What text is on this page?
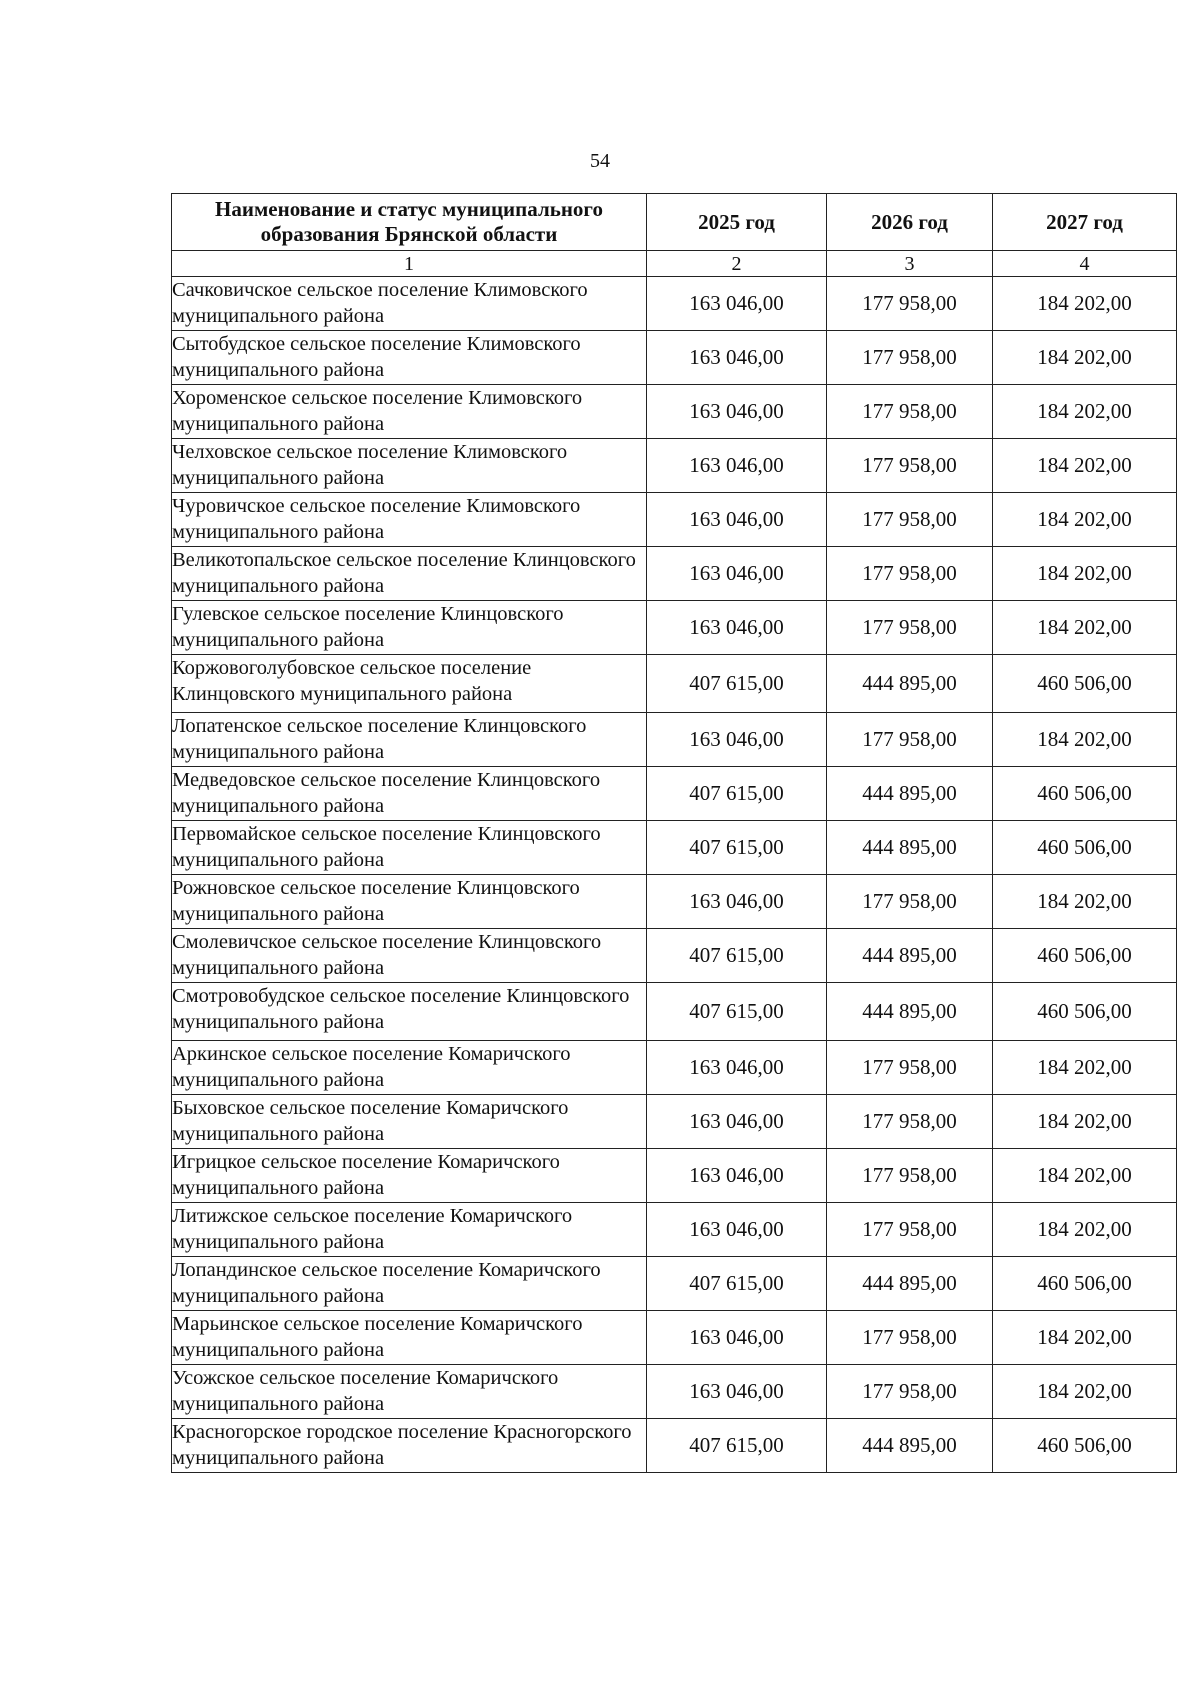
54
Наименование и статус муниципального образования Брянской области	2025 год	2026 год	2027 год
1	2	3	4
Сачковичское сельское поселение Климовского муниципального района	163 046,00	177 958,00	184 202,00
Сытобудское сельское поселение Климовского муниципального района	163 046,00	177 958,00	184 202,00
Хороменское сельское поселение Климовского муниципального района	163 046,00	177 958,00	184 202,00
Челховское сельское поселение Климовского муниципального района	163 046,00	177 958,00	184 202,00
Чуровичское сельское поселение Климовского муниципального района	163 046,00	177 958,00	184 202,00
Великотопальское сельское поселение Клинцовского муниципального района	163 046,00	177 958,00	184 202,00
Гулевское сельское поселение Клинцовского муниципального района	163 046,00	177 958,00	184 202,00
Коржовоголубовское сельское поселение Клинцовского муниципального района	407 615,00	444 895,00	460 506,00
Лопатенское сельское поселение Клинцовского муниципального района	163 046,00	177 958,00	184 202,00
Медведовское сельское поселение Клинцовского муниципального района	407 615,00	444 895,00	460 506,00
Первомайское сельское поселение Клинцовского муниципального района	407 615,00	444 895,00	460 506,00
Рожновское сельское поселение Клинцовского муниципального района	163 046,00	177 958,00	184 202,00
Смолевичское сельское поселение Клинцовского муниципального района	407 615,00	444 895,00	460 506,00
Смотровобудское сельское поселение Клинцовского муниципального района	407 615,00	444 895,00	460 506,00
Аркинское сельское поселение Комаричского муниципального района	163 046,00	177 958,00	184 202,00
Быховское сельское поселение Комаричского муниципального района	163 046,00	177 958,00	184 202,00
Игрицкое сельское поселение Комаричского муниципального района	163 046,00	177 958,00	184 202,00
Литижское сельское поселение Комаричского муниципального района	163 046,00	177 958,00	184 202,00
Лопандинское сельское поселение Комаричского муниципального района	407 615,00	444 895,00	460 506,00
Марьинское сельское поселение Комаричского муниципального района	163 046,00	177 958,00	184 202,00
Усожское сельское поселение Комаричского муниципального района	163 046,00	177 958,00	184 202,00
Красногорское городское поселение Красногорского муниципального района	407 615,00	444 895,00	460 506,00
